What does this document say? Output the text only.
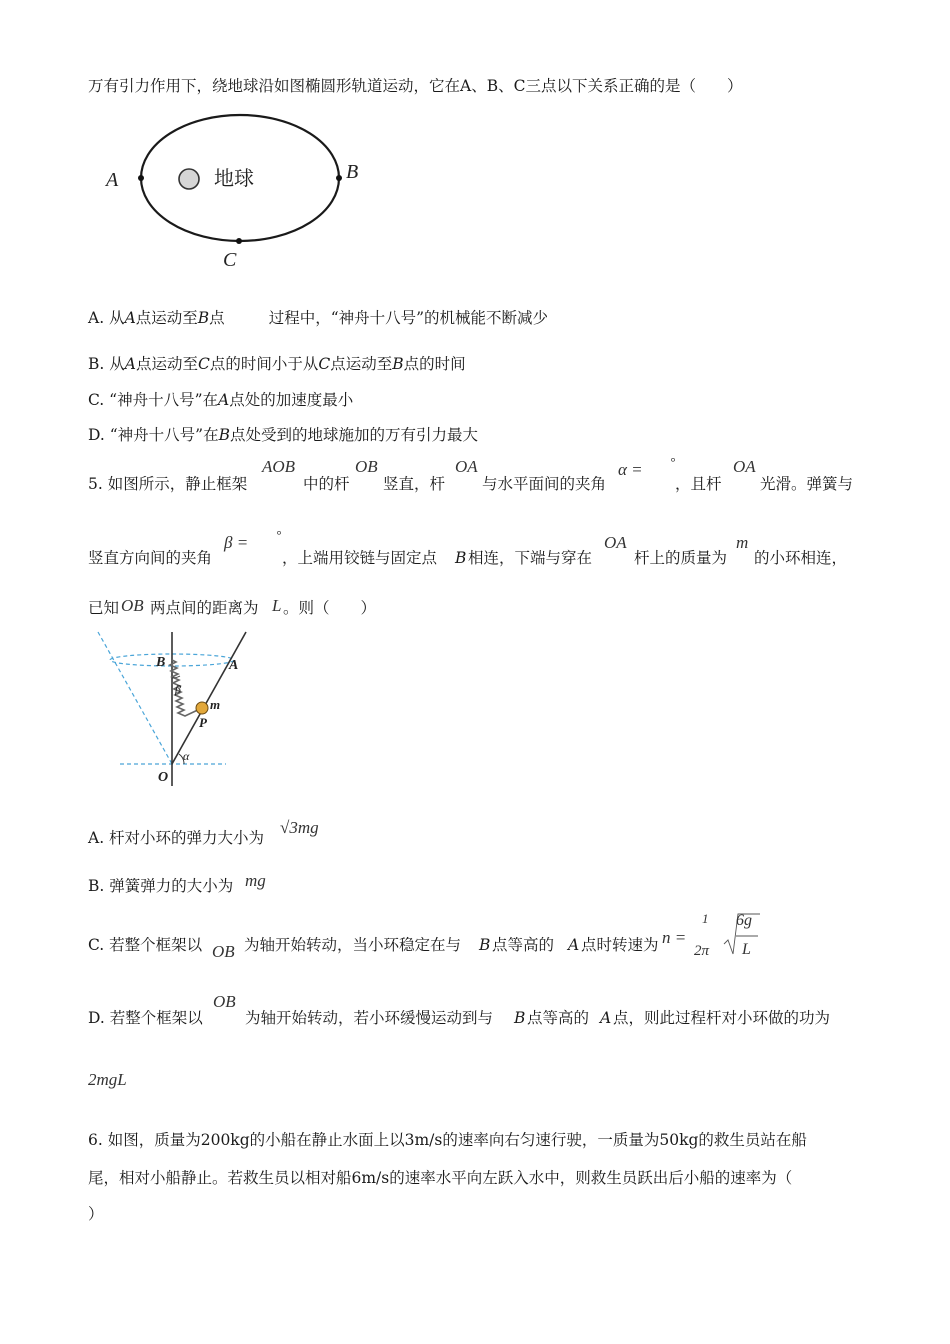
万有引力作用下，绕地球沿如图椭圆形轨道运动，它在A、B、C三点以下关系正确的是（　　）
地球
A	B
C
A. 从A点运动至B点	过程中，“神舟十八号”的机械能不断减少
B. 从A点运动至C点的时间小于从C点运动至B点的时间
C. “神舟十八号”在A点处的加速度最小
D. “神舟十八号”在B点处受到的地球施加的万有引力最大
5. 如图所示，静止框架
AOB
中的杆
OB
竖直，杆
OA
与水平面间的夹角
α = °
，且杆
OA
光滑。弹簧与
竖直方向间的夹角
β = °
，上端用铰链与固定点 B 相连，下端与穿在
OA
杆上的质量为
m
的小环相连，
已知 OB 两点间的距离为 L 。则（　　）
B	A
β
m
P
α
O
A. 杆对小环的弹力大小为
√3mg
B. 弹簧弹力的大小为 mg
C. 若整个框架以 OB 为轴开始转动，当小环稳定在与 B 点等高的 A 点时转速为 n =
1
2π
6g
L
D. 若整个框架以
OB
为轴开始转动，若小环缓慢运动到与 B 点等高的 A 点，则此过程杆对小环做的功为
2mgL
6. 如图，质量为200kg的小船在静止水面上以3m/s的速率向右匀速行驶，一质量为50kg的救生员站在船
尾，相对小船静止。若救生员以相对船6m/s的速率水平向左跃入水中，则救生员跃出后小船的速率为（
）
